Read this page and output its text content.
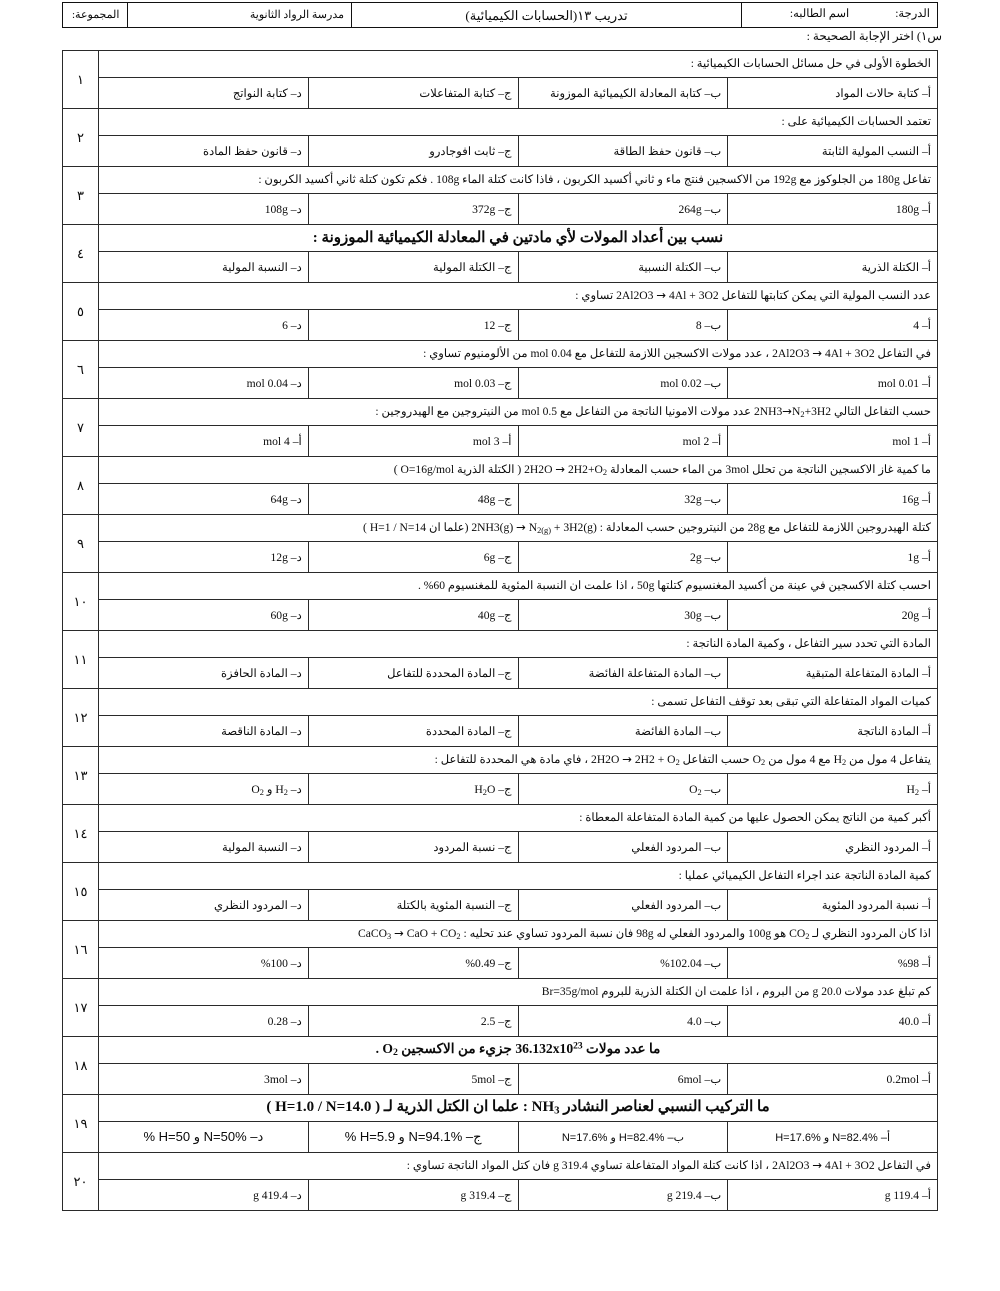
الدرجة:
اسم الطالبه:
تدريب ١٣(الحسابات الكيميائية)
مدرسة الرواد الثانوية
المجموعة:
س١) اختر الإجابة الصحيحة :
الخطوة الأولى في حل مسائل الحسابات الكيميائية :				١
أ– كتابة حالات المواد	ب– كتابة المعادلة الكيميائية الموزونة	ج– كتابة المتفاعلات	د– كتابة النواتج	
تعتمد الحسابات الكيميائية على :				٢
أ– النسب المولية الثابتة	ب– قانون حفظ الطاقة	ج– ثابت افوجادرو	د– قانون حفظ المادة	
تفاعل 180g من الجلوكوز مع 192g من الاكسجين فنتج ماء و ثاني أكسيد الكربون ، فاذا كانت كتلة الماء 108g . فكم تكون كتلة ثاني أكسيد الكربون :				٣
أ– 180g	ب– 264g	ج– 372g	د– 108g	
نسب بين أعداد المولات لأي مادتين في المعادلة الكيميائية الموزونة :				٤
أ– الكتلة الذرية	ب– الكتلة النسبية	ج– الكتلة المولية	د– النسبة المولية	
عدد النسب المولية التي يمكن كتابتها للتفاعل 2Al2O3 → 4Al + 3O2 تساوي :				٥
أ– 4	ب– 8	ج– 12	د– 6	
في التفاعل 2Al2O3 → 4Al + 3O2 ، عدد مولات الاكسجين اللازمة للتفاعل مع 0.04 mol من الألومنيوم تساوي :				٦
أ– 0.01 mol	ب– 0.02 mol	ج– 0.03 mol	د– 0.04 mol	
حسب التفاعل التالي $2NH3\to N_2+3H2$ عدد مولات الامونيا الناتجة من التفاعل مع 0.5 mol من النيتروجين مع الهيدروجين :				٧
أ– 1 mol	أ– 2 mol	أ– 3 mol	أ– 4 mol	
ما كمية غاز الاكسجين الناتجة من تحلل 3mol من الماء حسب المعادلة $2H2O \to 2H2+O_2$ ( الكتلة الذرية O=16g/mol )				٨
أ– 16g	ب– 32g	ج– 48g	د– 64g	
كتلة الهيدروجين اللازمة للتفاعل مع 28g من النيتروجين حسب المعادلة : $2NH3(g) \to N_{2(g)} + 3H2(g)$ (علما ان H=1 / N=14 )				٩
أ– 1g	ب– 2g	ج– 6g	د– 12g	
احسب كتلة الاكسجين في عينة من أكسيد المغنسيوم كتلتها 50g ، اذا علمت ان النسبة المئوية للمغنسيوم 60% .				١٠
أ– 20g	ب– 30g	ج– 40g	د– 60g	
المادة التي تحدد سير التفاعل ، وكمية المادة الناتجة :				١١
أ– المادة المتفاعلة المتبقية	ب– المادة المتفاعلة الفائضة	ج– المادة المحددة للتفاعل	د– المادة الحافزة	
كميات المواد المتفاعلة التي تبقى بعد توقف التفاعل تسمى :				١٢
أ– المادة الناتجة	ب– المادة الفائضة	ج– المادة المحددة	د– المادة الناقصة	
يتفاعل 4 مول من $H_2$ مع 4 مول من $O_2$ حسب التفاعل $2H2O \to 2H2 + O_2$ ، فاي مادة هي المحددة للتفاعل :				١٣
أ– $H_2$	ب– $O_2$	ج– $H_2O$	د– $H_2$ و $O_2$
أكبر كمية من الناتج يمكن الحصول عليها من كمية المادة المتفاعلة المعطاة :				١٤
أ– المردود النظري	ب– المردود الفعلي	ج– نسبة المردود	د– النسبة المولية	
كمية المادة الناتجة عند اجراء التفاعل الكيميائي عمليا :				١٥
أ– نسبة المردود المئوية	ب– المردود الفعلي	ج– النسبة المئوية بالكتلة	د– المردود النظري	
اذا كان المردود النظري لـ $CO_2$ هو 100g والمردود الفعلي له 98g فان نسبة المردود تساوي عند تحليه : CaCO$_3$ → CaO + $CO_2$				١٦
أ– 98%	ب– 102.04%	ج– 0.49%	د– 100%	
كم تبلغ عدد مولات 20.0 g من البروم ، اذا علمت ان الكتلة الذرية للبروم Br=35g/mol				١٧
أ– 40.0	ب– 4.0	ج– 2.5	د– 0.28	
ما عدد مولات $36.132x10^{23}$ جزيء من الاكسجين $O_2$ .				١٨
أ– 0.2mol	ب– 6mol	ج– 5mol	د– 3mol	
ما التركيب النسبي لعناصر النشادر $NH_3$ : علما ان الكتل الذرية لـ ( H=1.0 / N=14.0 )				١٩
أ– N=82.4% و H=17.6%	ب– H=82.4% و N=17.6%	ج– N=94.1% و H=5.9 %	د– N=50% و H=50 %	
في التفاعل 2Al2O3 → 4Al + 3O2 ، اذا كانت كتلة المواد المتفاعلة تساوي 319.4 g فان كتل المواد الناتجة تساوي :				٢٠
أ– 119.4 g	ب– 219.4 g	ج– 319.4 g	د– 419.4 g	
